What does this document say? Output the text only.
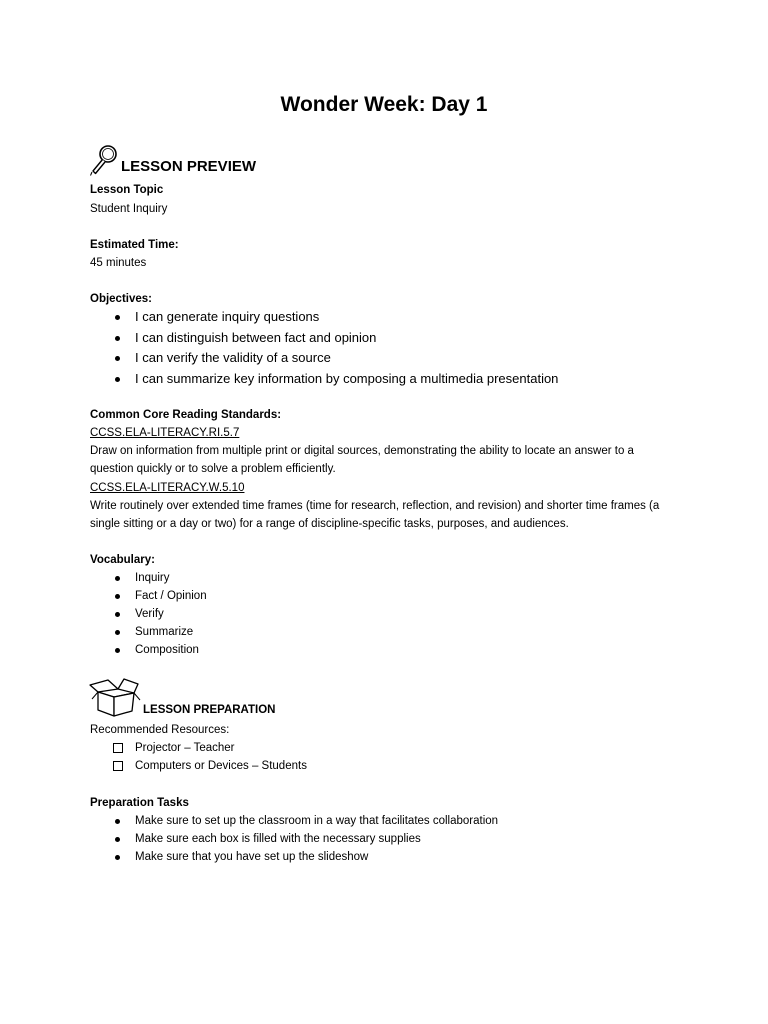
Wonder Week: Day 1
LESSON PREVIEW
Lesson Topic
Student Inquiry
Estimated Time:
45 minutes
Objectives:
I can generate inquiry questions
I can distinguish between fact and opinion
I can verify the validity of a source
I can summarize key information by composing a multimedia presentation
Common Core Reading Standards:
CCSS.ELA-LITERACY.RI.5.7
Draw on information from multiple print or digital sources, demonstrating the ability to locate an answer to a
question quickly or to solve a problem efficiently.
CCSS.ELA-LITERACY.W.5.10
Write routinely over extended time frames (time for research, reflection, and revision) and shorter time frames (a
single sitting or a day or two) for a range of discipline-specific tasks, purposes, and audiences.
Vocabulary:
Inquiry
Fact / Opinion
Verify
Summarize
Composition
LESSON PREPARATION
Recommended Resources:
Projector – Teacher
Computers or Devices – Students
Preparation Tasks
Make sure to set up the classroom in a way that facilitates collaboration
Make sure each box is filled with the necessary supplies
Make sure that you have set up the slideshow
